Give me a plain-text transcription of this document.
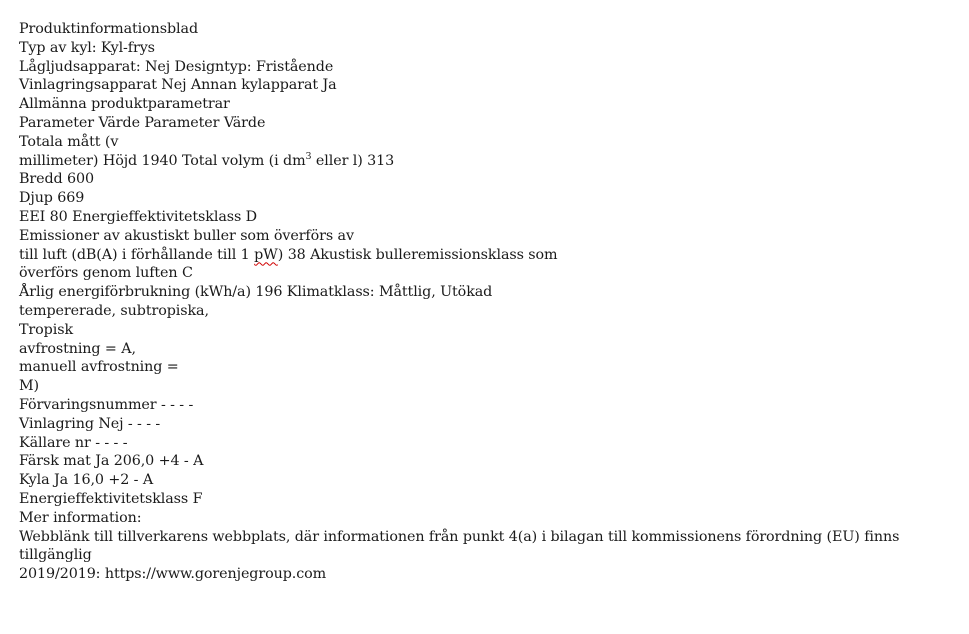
Produktinformationsblad
Typ av kyl: Kyl-frys
Lågljudsapparat: Nej Designtyp: Fristående
Vinlagringsapparat Nej Annan kylapparat Ja
Allmänna produktparametrar
Parameter Värde Parameter Värde
Totala mått (v
millimeter) Höjd 1940 Total volym (i $dm^3$ eller l) 313
Bredd 600
Djup 669
EEI 80 Energieffektivitetsklass D
Emissioner av akustiskt buller som överförs av
till luft (dB(A) i förhållande till 1 pW) 38 Akustisk bulleremissionsklass som
överförs genom luften C
Årlig energiförbrukning (kWh/a) 196 Klimatklass: Måttlig, Utökad
tempererade, subtropiska,
Tropisk
avfrostning = A,
manuell avfrostning =
M)
Förvaringsnummer - - - -
Vinlagring Nej - - - -
Källare nr - - - -
Färsk mat Ja 206,0 +4 - A
Kyla Ja 16,0 +2 - A
Energieffektivitetsklass F
Mer information:
Webblänk till tillverkarens webbplats, där informationen från punkt 4(a) i bilagan till kommissionens förordning (EU) finns
tillgänglig
2019/2019: https://www.gorenjegroup.com
